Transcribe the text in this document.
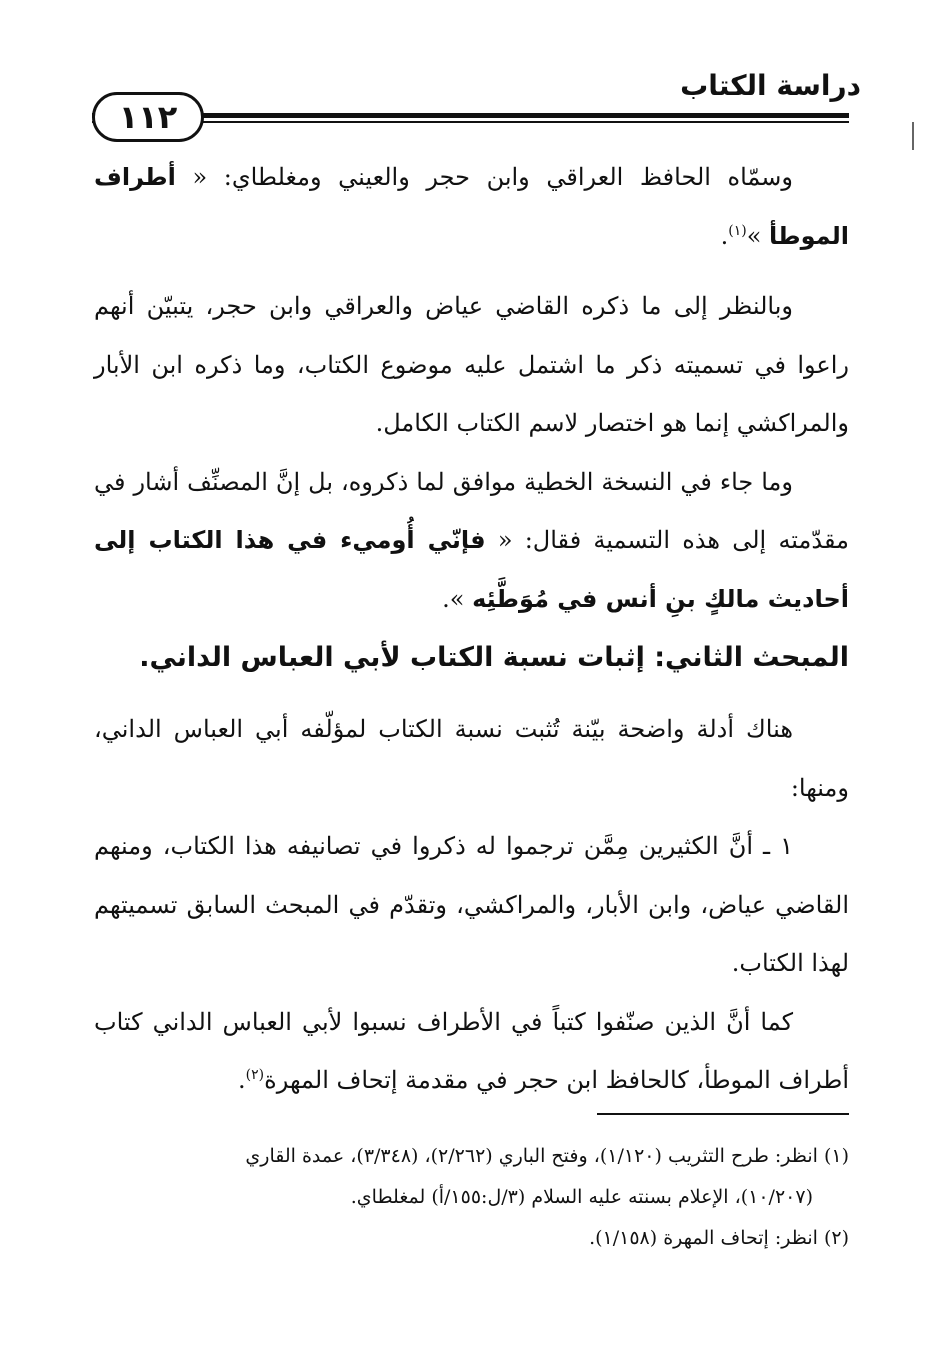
دراسة الكتاب
١١٢

وسمّاه الحافظ العراقي وابن حجر والعيني ومغلطاي: « أطراف الموطأ »$^{(١)}$.

وبالنظر إلى ما ذكره القاضي عياض والعراقي وابن حجر، يتبيّن أنهم راعوا في تسميته ذكر ما اشتمل عليه موضوع الكتاب، وما ذكره ابن الأبار والمراكشي إنما هو اختصار لاسم الكتاب الكامل.

وما جاء في النسخة الخطية موافق لما ذكروه، بل إنَّ المصنِّف أشار في مقدّمته إلى هذه التسمية فقال: « فإنّي أُوميء في هذا الكتاب إلى أحاديث مالكٍ بنِ أنس في مُوَطَّئِه ».

المبحث الثاني: إثبات نسبة الكتاب لأبي العباس الداني.

هناك أدلة واضحة بيّنة تُثبت نسبة الكتاب لمؤلّفه أبي العباس الداني، ومنها:

١ ـ أنَّ الكثيرين مِمَّن ترجموا له ذكروا في تصانيفه هذا الكتاب، ومنهم القاضي عياض، وابن الأبار، والمراكشي، وتقدّم في المبحث السابق تسميتهم لهذا الكتاب.

كما أنَّ الذين صنّفوا كتباً في الأطراف نسبوا لأبي العباس الداني كتاب أطراف الموطأ، كالحافظ ابن حجر في مقدمة إتحاف المهرة$^{(٢)}$.

(١) انظر: طرح التثريب (١/١٢٠)، وفتح الباري (٢/٢٦٢)، (٣/٣٤٨)، عمدة القاري

(١٠/٢٠٧)، الإعلام بسنته عليه السلام (٣/ل:١٥٥/أ) لمغلطاي.

(٢) انظر: إتحاف المهرة (١/١٥٨).
